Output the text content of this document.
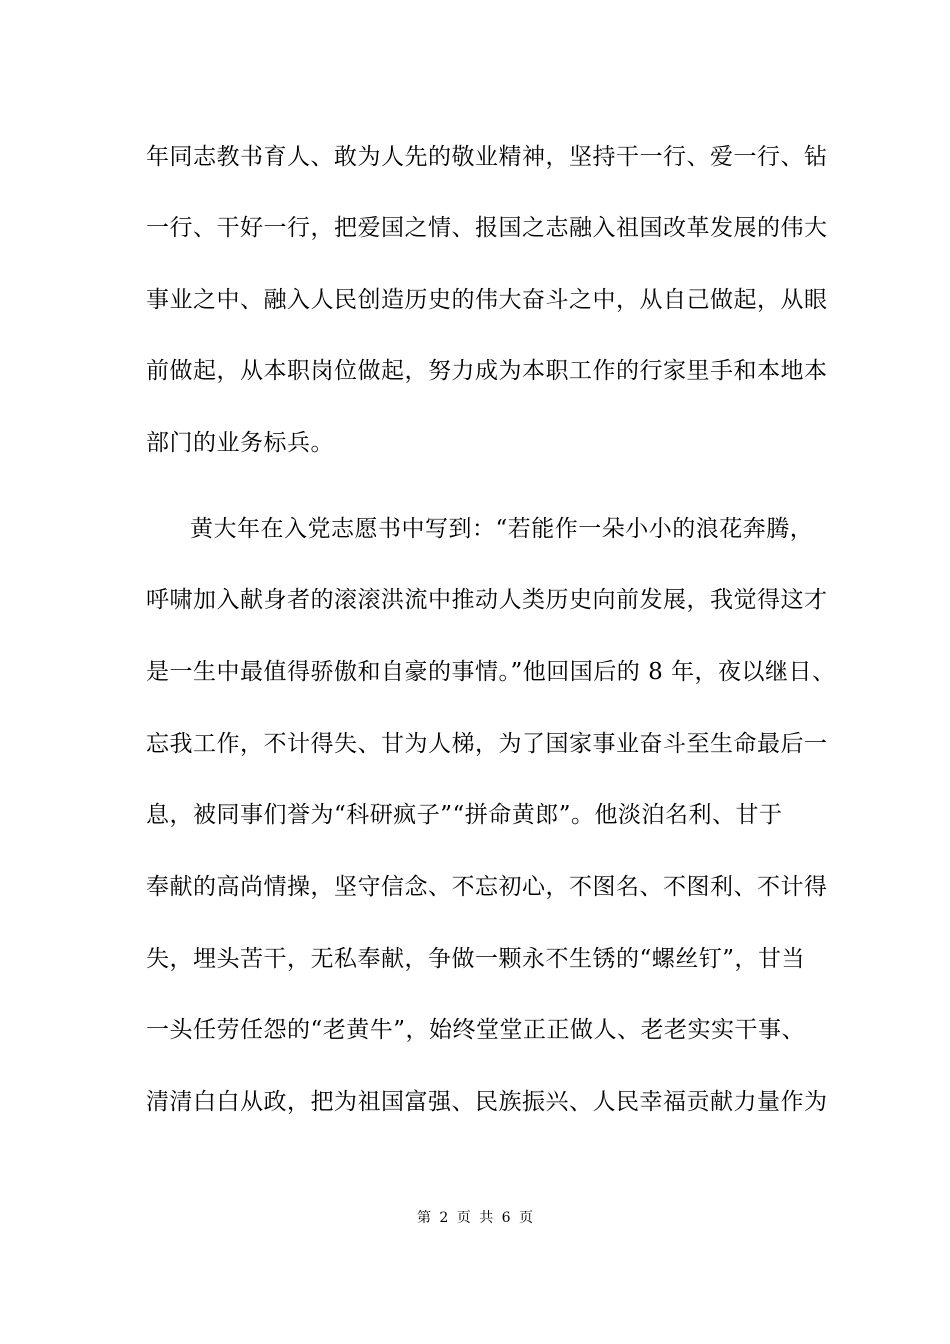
年同志教书育人、敢为人先的敬业精神，坚持干一行、爱一行、钻
一行、干好一行，把爱国之情、报国之志融入祖国改革发展的伟大
事业之中、融入人民创造历史的伟大奋斗之中，从自己做起，从眼
前做起，从本职岗位做起，努力成为本职工作的行家里手和本地本
部门的业务标兵。
黄大年在入党志愿书中写到：“若能作一朵小小的浪花奔腾，
呼啸加入献身者的滚滚洪流中推动人类历史向前发展，我觉得这才
是一生中最值得骄傲和自豪的事情。”他回国后的 8 年，夜以继日、
忘我工作，不计得失、甘为人梯，为了国家事业奋斗至生命最后一
息，被同事们誉为“科研疯子”“拼命黄郎”。他淡泊名利、甘于
奉献的高尚情操，坚守信念、不忘初心，不图名、不图利、不计得
失，埋头苦干，无私奉献，争做一颗永不生锈的“螺丝钉”，甘当
一头任劳任怨的“老黄牛”，始终堂堂正正做人、老老实实干事、
清清白白从政，把为祖国富强、民族振兴、人民幸福贡献力量作为
第 2 页 共 6 页
